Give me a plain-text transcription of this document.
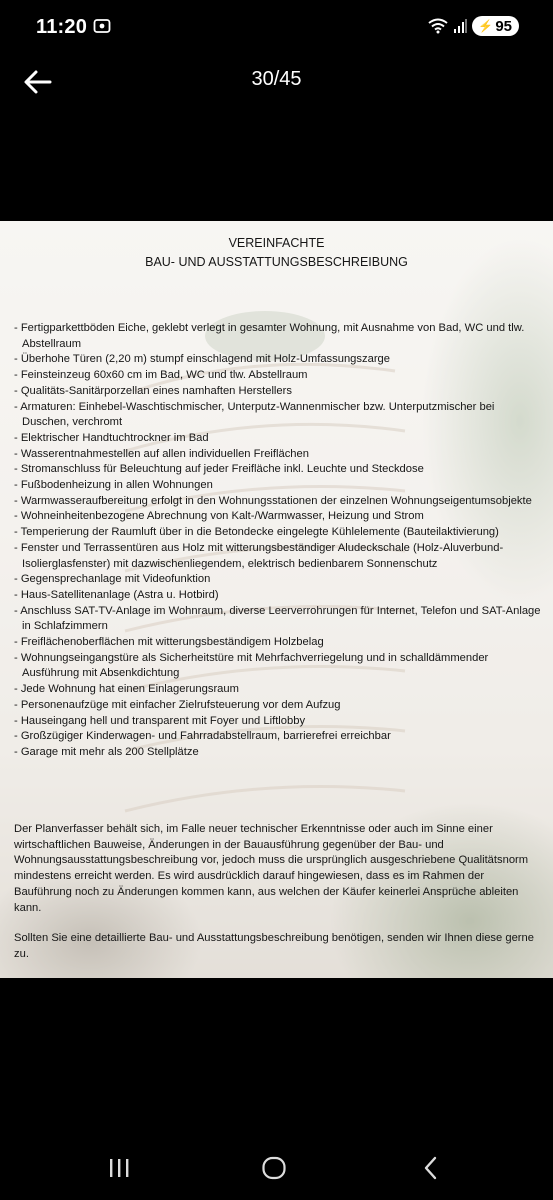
11:20	⚡ 95
30/45
VEREINFACHTE
BAU- UND AUSSTATTUNGSBESCHREIBUNG
- Fertigparkettböden Eiche, geklebt verlegt in gesamter Wohnung, mit Ausnahme von Bad, WC und tlw. Abstellraum
- Überhohe Türen (2,20 m) stumpf einschlagend mit Holz-Umfassungszarge
- Feinsteinzeug 60x60 cm im Bad, WC und tlw. Abstellraum
- Qualitäts-Sanitärporzellan eines namhaften Herstellers
- Armaturen: Einhebel-Waschtischmischer, Unterputz-Wannenmischer bzw. Unterputzmischer bei Duschen, verchromt
- Elektrischer Handtuchtrockner im Bad
- Wasserentnahmestellen auf allen individuellen Freiflächen
- Stromanschluss für Beleuchtung auf jeder Freifläche inkl. Leuchte und Steckdose
- Fußbodenheizung in allen Wohnungen
- Warmwasseraufbereitung erfolgt in den Wohnungsstationen der einzelnen Wohnungseigentumsobjekte
- Wohneinheitenbezogene Abrechnung von Kalt-/Warmwasser, Heizung und Strom
- Temperierung der Raumluft über in die Betondecke eingelegte Kühlelemente (Bauteilaktivierung)
- Fenster und Terrassentüren aus Holz mit witterungsbeständiger Aludeckschale (Holz-Aluverbund-Isolierglasfenster) mit dazwischenliegendem, elektrisch bedienbarem Sonnenschutz
- Gegensprechanlage mit Videofunktion
- Haus-Satellitenanlage (Astra u. Hotbird)
- Anschluss SAT-TV-Anlage im Wohnraum, diverse Leerverrohrungen für Internet, Telefon und SAT-Anlage in Schlafzimmern
- Freiflächenoberflächen mit witterungsbeständigem Holzbelag
- Wohnungseingangstüre als Sicherheitstüre mit Mehrfachverriegelung und in schalldämmender Ausführung mit Absenkdichtung
- Jede Wohnung hat einen Einlagerungsraum
- Personenaufzüge mit einfacher Zielrufsteuerung vor dem Aufzug
- Hauseingang hell und transparent mit Foyer und Liftlobby
- Großzügiger Kinderwagen- und Fahrradabstellraum, barrierefrei erreichbar
- Garage mit mehr als 200 Stellplätze

Der Planverfasser behält sich, im Falle neuer technischer Erkenntnisse oder auch im Sinne einer wirtschaftlichen Bauweise, Änderungen in der Bauausführung gegenüber der Bau- und Wohnungsausstattungsbeschreibung vor, jedoch muss die ursprünglich ausgeschriebene Qualitätsnorm mindestens erreicht werden. Es wird ausdrücklich darauf hingewiesen, dass es im Rahmen der Bauführung noch zu Änderungen kommen kann, aus welchen der Käufer keinerlei Ansprüche ableiten kann.

Sollten Sie eine detaillierte Bau- und Ausstattungsbeschreibung benötigen, senden wir Ihnen diese gerne zu.
